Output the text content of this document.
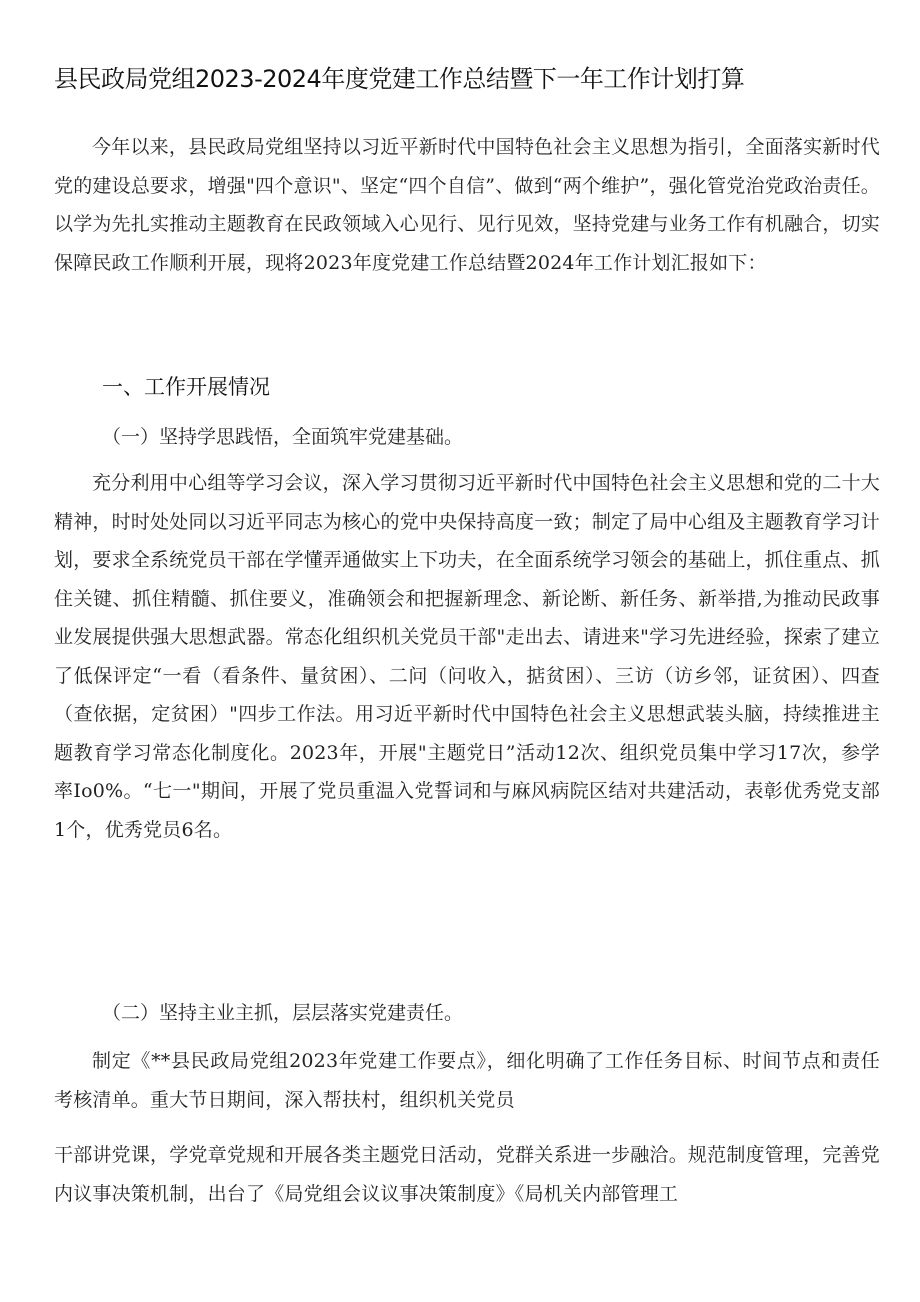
县民政局党组2023-2024年度党建工作总结暨下一年工作计划打算
今年以来，县民政局党组坚持以习近平新时代中国特色社会主义思想为指引，全面落实新时代党的建设总要求，增强"四个意识"、坚定“四个自信”、做到“两个维护”，强化管党治党政治责任。以学为先扎实推动主题教育在民政领域入心见行、见行见效，坚持党建与业务工作有机融合，切实保障民政工作顺利开展，现将2023年度党建工作总结暨2024年工作计划汇报如下：
一、工作开展情况
（一）坚持学思践悟，全面筑牢党建基础。
充分利用中心组等学习会议，深入学习贯彻习近平新时代中国特色社会主义思想和党的二十大精神，时时处处同以习近平同志为核心的党中央保持高度一致；制定了局中心组及主题教育学习计划，要求全系统党员干部在学懂弄通做实上下功夫，在全面系统学习领会的基础上，抓住重点、抓住关键、抓住精髓、抓住要义，准确领会和把握新理念、新论断、新任务、新举措,为推动民政事业发展提供强大思想武器。常态化组织机关党员干部"走出去、请进来"学习先进经验，探索了建立了低保评定“一看（看条件、量贫困）、二问（问收入，掂贫困）、三访（访乡邻，证贫困）、四查（查依据，定贫困）"四步工作法。用习近平新时代中国特色社会主义思想武装头脑，持续推进主题教育学习常态化制度化。2023年，开展"主题党日”活动12次、组织党员集中学习17次，参学率Io0%。“七一"期间，开展了党员重温入党誓词和与麻风病院区结对共建活动，表彰优秀党支部1个，优秀党员6名。
（二）坚持主业主抓，层层落实党建责任。
制定《**县民政局党组2023年党建工作要点》，细化明确了工作任务目标、时间节点和责任考核清单。重大节日期间，深入帮扶村，组织机关党员
干部讲党课，学党章党规和开展各类主题党日活动，党群关系进一步融洽。规范制度管理，完善党内议事决策机制，出台了《局党组会议议事决策制度》《局机关内部管理工
